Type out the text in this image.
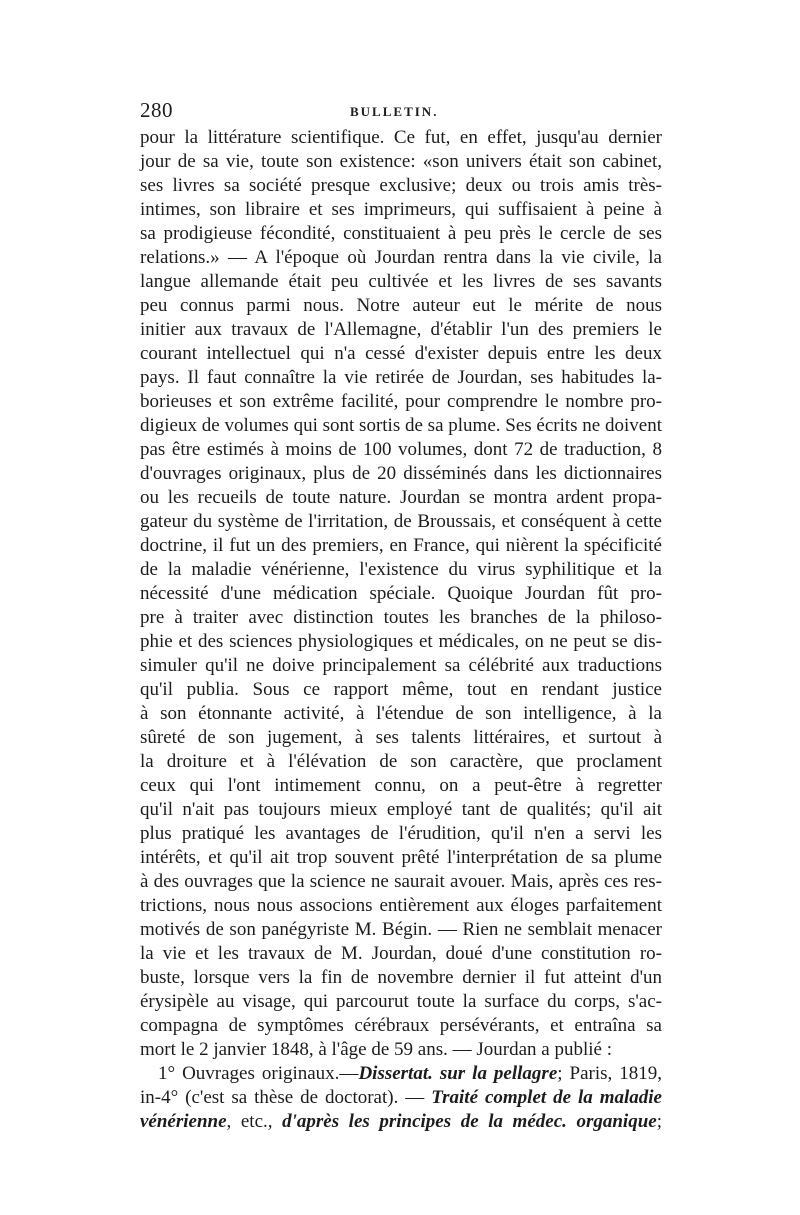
280	BULLETIN.
pour la littérature scientifique. Ce fut, en effet, jusqu'au dernier
jour de sa vie, toute son existence: «son univers était son cabinet,
ses livres sa société presque exclusive; deux ou trois amis très-
intimes, son libraire et ses imprimeurs, qui suffisaient à peine à
sa prodigieuse fécondité, constituaient à peu près le cercle de ses
relations.» — A l'époque où Jourdan rentra dans la vie civile, la
langue allemande était peu cultivée et les livres de ses savants
peu connus parmi nous. Notre auteur eut le mérite de nous
initier aux travaux de l'Allemagne, d'établir l'un des premiers le
courant intellectuel qui n'a cessé d'exister depuis entre les deux
pays. Il faut connaître la vie retirée de Jourdan, ses habitudes la-
borieuses et son extrême facilité, pour comprendre le nombre pro-
digieux de volumes qui sont sortis de sa plume. Ses écrits ne doivent
pas être estimés à moins de 100 volumes, dont 72 de traduction, 8
d'ouvrages originaux, plus de 20 disséminés dans les dictionnaires
ou les recueils de toute nature. Jourdan se montra ardent propa-
gateur du système de l'irritation, de Broussais, et conséquent à cette
doctrine, il fut un des premiers, en France, qui nièrent la spécificité
de la maladie vénérienne, l'existence du virus syphilitique et la
nécessité d'une médication spéciale. Quoique Jourdan fût pro-
pre à traiter avec distinction toutes les branches de la philoso-
phie et des sciences physiologiques et médicales, on ne peut se dis-
simuler qu'il ne doive principalement sa célébrité aux traductions
qu'il publia. Sous ce rapport même, tout en rendant justice
à son étonnante activité, à l'étendue de son intelligence, à la
sûreté de son jugement, à ses talents littéraires, et surtout à
la droiture et à l'élévation de son caractère, que proclament
ceux qui l'ont intimement connu, on a peut-être à regretter
qu'il n'ait pas toujours mieux employé tant de qualités; qu'il ait
plus pratiqué les avantages de l'érudition, qu'il n'en a servi les
intérêts, et qu'il ait trop souvent prêté l'interprétation de sa plume
à des ouvrages que la science ne saurait avouer. Mais, après ces res-
trictions, nous nous associons entièrement aux éloges parfaitement
motivés de son panégyriste M. Bégin. — Rien ne semblait menacer
la vie et les travaux de M. Jourdan, doué d'une constitution ro-
buste, lorsque vers la fin de novembre dernier il fut atteint d'un
érysipèle au visage, qui parcourut toute la surface du corps, s'ac-
compagna de symptômes cérébraux persévérants, et entraîna sa
mort le 2 janvier 1848, à l'âge de 59 ans. — Jourdan a publié :
1° Ouvrages originaux.—Dissertat. sur la pellagre; Paris, 1819,
in-4° (c'est sa thèse de doctorat). — Traité complet de la maladie
vénérienne, etc., d'après les principes de la médec. organique;
